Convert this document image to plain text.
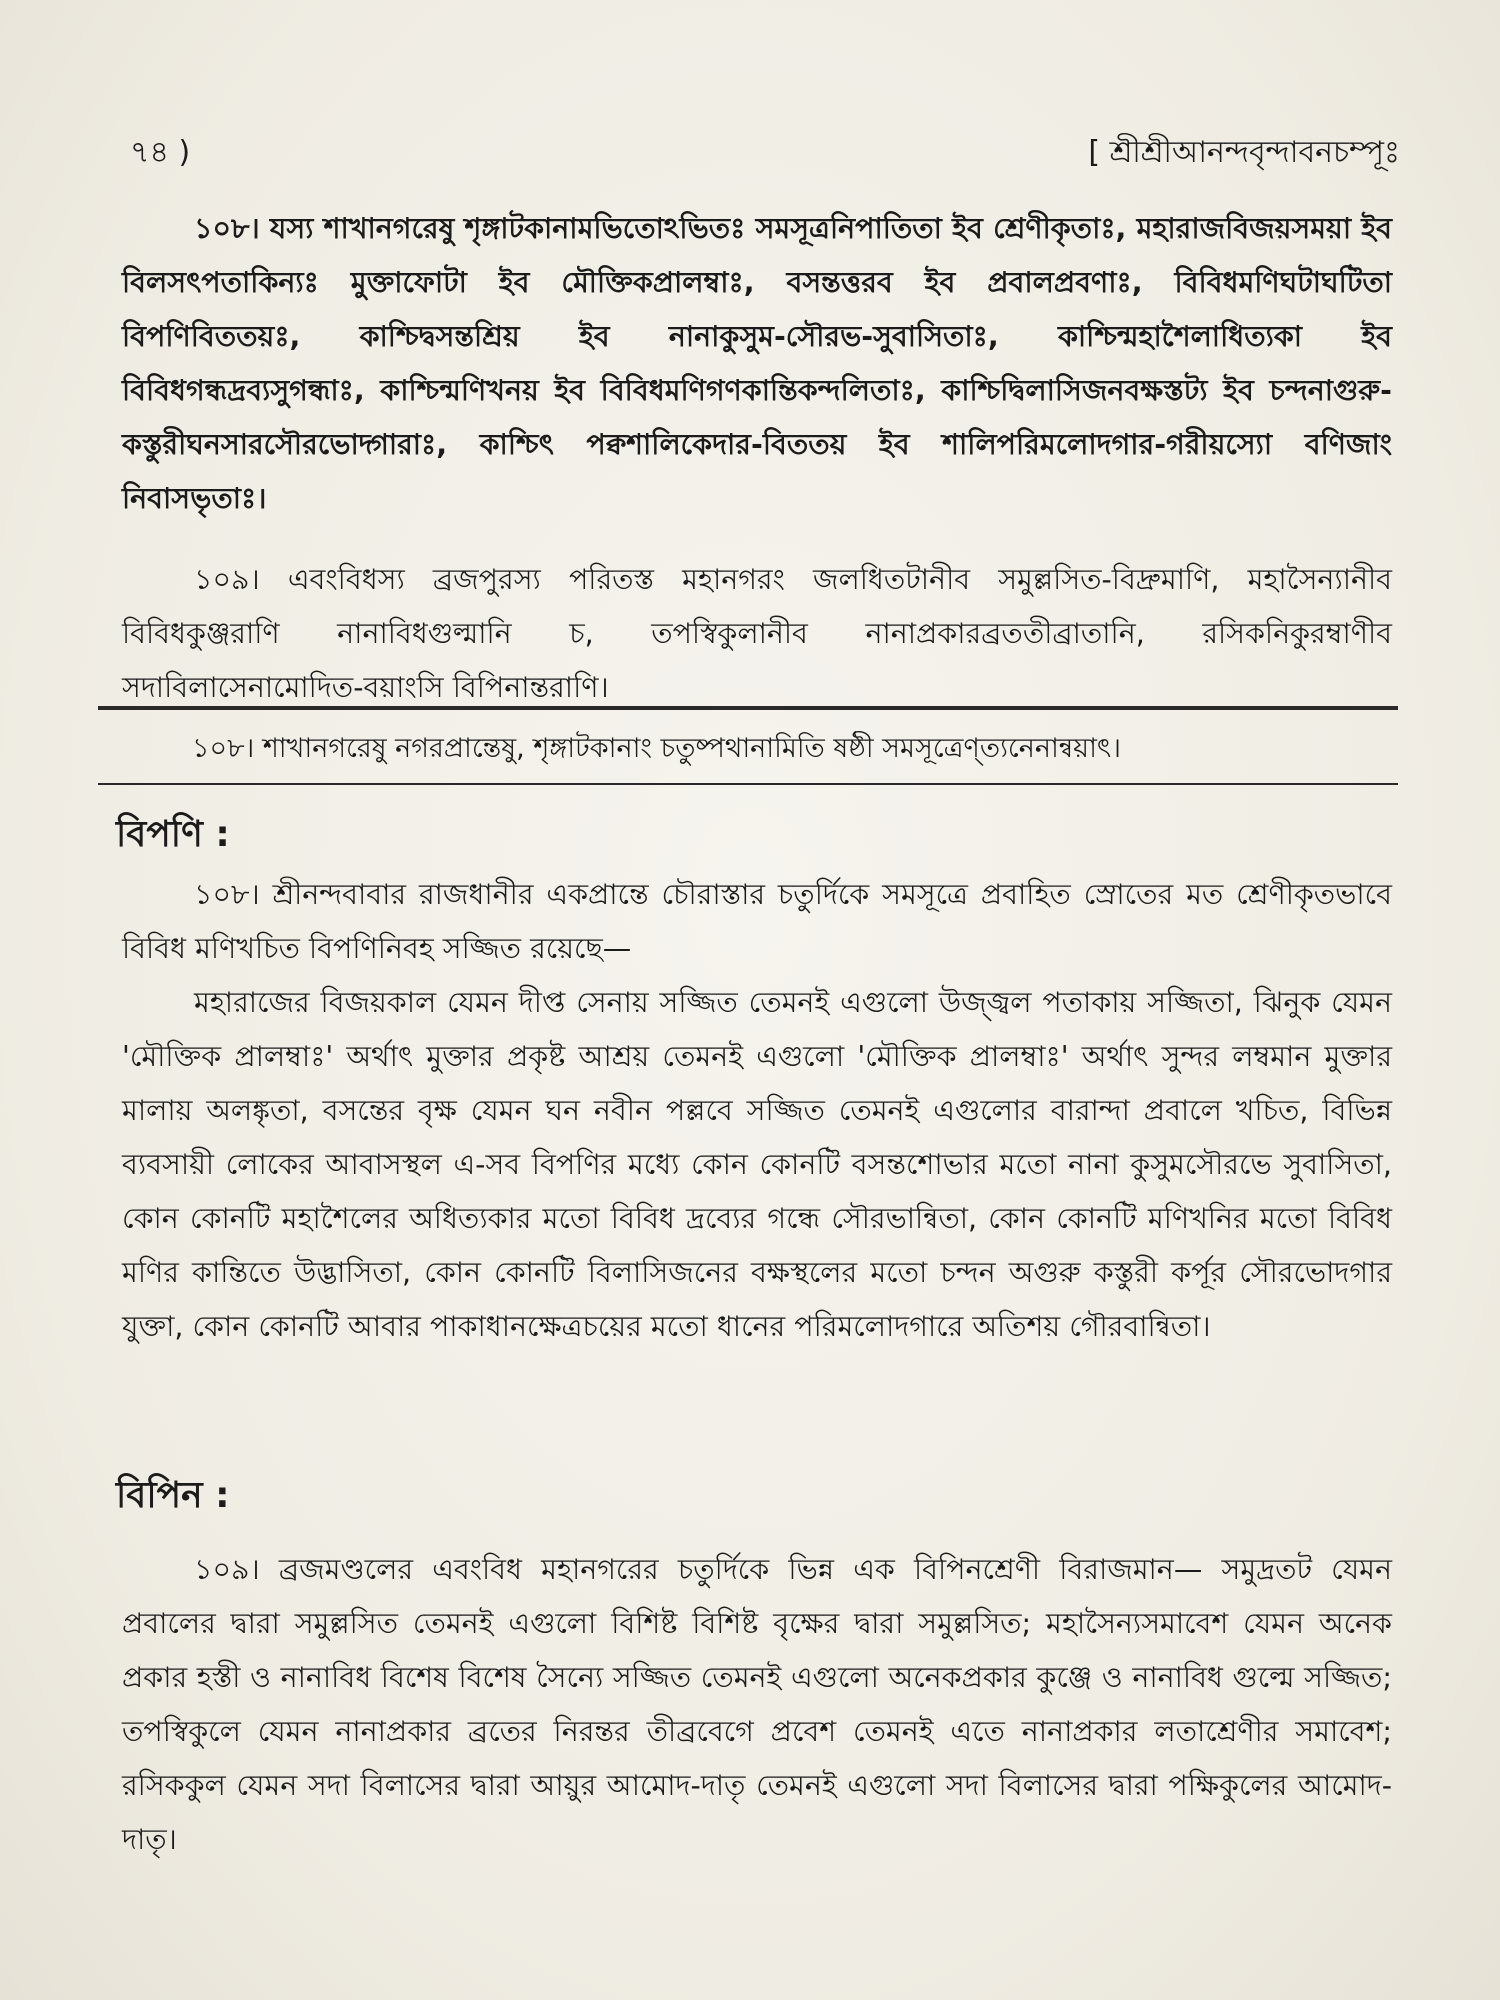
৭৪ )	[ শ্রীশ্রীআনন্দবৃন্দাবনচম্পূঃ

১০৮। যস্য শাখানগরেষু শৃঙ্গাটকানামভিতোঽভিতঃ সমসূত্রনিপাতিতা ইব শ্রেণীকৃতাঃ, মহারাজবিজয়সময়া ইব বিলসৎপতাকিন্যঃ মুক্তাফোটা ইব মৌক্তিকপ্রালম্বাঃ, বসন্তত্তরব ইব প্রবালপ্রবণাঃ, বিবিধমণিঘটাঘটিতা বিপণিবিততয়ঃ, কাশ্চিদ্বসন্তশ্রিয় ইব নানাকুসুম-সৌরভ-সুবাসিতাঃ, কাশ্চিন্মহাশৈলাধিত্যকা ইব বিবিধগন্ধদ্রব্যসুগন্ধাঃ, কাশ্চিন্মণিখনয় ইব বিবিধমণিগণকান্তিকন্দলিতাঃ, কাশ্চিদ্বিলাসিজনবক্ষস্তট্য ইব চন্দনাগুরু-কস্তুরীঘনসারসৌরভোদ্গারাঃ, কাশ্চিৎ পক্বশালিকেদার-বিততয় ইব শালিপরিমলোদগার-গরীয়স্যো বণিজাং নিবাসভৃতাঃ।

১০৯। এবংবিধস্য ব্রজপুরস্য পরিতস্ত মহানগরং জলধিতটানীব সমুল্লসিত-বিদ্রুমাণি, মহাসৈন্যানীব বিবিধকুঞ্জরাণি নানাবিধগুল্মানি চ, তপস্বিকুলানীব নানাপ্রকারব্রততীব্রাতানি, রসিকনিকুরম্বাণীব সদাবিলাসেনামোদিত-বয়াংসি বিপিনান্তরাণি।

১০৮। শাখানগরেষু নগরপ্রান্তেষু, শৃঙ্গাটকানাং চতুষ্পথানামিতি ষষ্ঠী সমসূত্রেণ্ত্যনেনান্বয়াৎ।
বিপণি :

১০৮। শ্রীনন্দবাবার রাজধানীর একপ্রান্তে চৌরাস্তার চতুর্দিকে সমসূত্রে প্রবাহিত স্রোতের মত শ্রেণীকৃতভাবে বিবিধ মণিখচিত বিপণিনিবহ সজ্জিত রয়েছে—

মহারাজের বিজয়কাল যেমন দীপ্ত সেনায় সজ্জিত তেমনই এগুলো উজ্জ্বল পতাকায় সজ্জিতা, ঝিনুক যেমন 'মৌক্তিক প্রালম্বাঃ' অর্থাৎ মুক্তার প্রকৃষ্ট আশ্রয় তেমনই এগুলো 'মৌক্তিক প্রালম্বাঃ' অর্থাৎ সুন্দর লম্বমান মুক্তার মালায় অলঙ্কৃতা, বসন্তের বৃক্ষ যেমন ঘন নবীন পল্লবে সজ্জিত তেমনই এগুলোর বারান্দা প্রবালে খচিত, বিভিন্ন ব্যবসায়ী লোকের আবাসস্থল এ-সব বিপণির মধ্যে কোন কোনটি বসন্তশোভার মতো নানা কুসুমসৌরভে সুবাসিতা, কোন কোনটি মহাশৈলের অধিত্যকার মতো বিবিধ দ্রব্যের গন্ধে সৌরভান্বিতা, কোন কোনটি মণিখনির মতো বিবিধ মণির কান্তিতে উদ্ভাসিতা, কোন কোনটি বিলাসিজনের বক্ষস্থলের মতো চন্দন অগুরু কস্তুরী কর্পূর সৌরভোদগার যুক্তা, কোন কোনটি আবার পাকাধানক্ষেত্রচয়ের মতো ধানের পরিমলোদগারে অতিশয় গৌরবান্বিতা।

বিপিন :

১০৯। ব্রজমণ্ডলের এবংবিধ মহানগরের চতুর্দিকে ভিন্ন এক বিপিনশ্রেণী বিরাজমান— সমুদ্রতট যেমন প্রবালের দ্বারা সমুল্লসিত তেমনই এগুলো বিশিষ্ট বিশিষ্ট বৃক্ষের দ্বারা সমুল্লসিত; মহাসৈন্যসমাবেশ যেমন অনেক প্রকার হস্তী ও নানাবিধ বিশেষ বিশেষ সৈন্যে সজ্জিত তেমনই এগুলো অনেকপ্রকার কুঞ্জে ও নানাবিধ গুল্মে সজ্জিত; তপস্বিকুলে যেমন নানাপ্রকার ব্রতের নিরন্তর তীব্রবেগে প্রবেশ তেমনই এতে নানাপ্রকার লতাশ্রেণীর সমাবেশ; রসিককুল যেমন সদা বিলাসের দ্বারা আয়ুর আমোদ-দাতৃ তেমনই এগুলো সদা বিলাসের দ্বারা পক্ষিকুলের আমোদ-দাতৃ।
